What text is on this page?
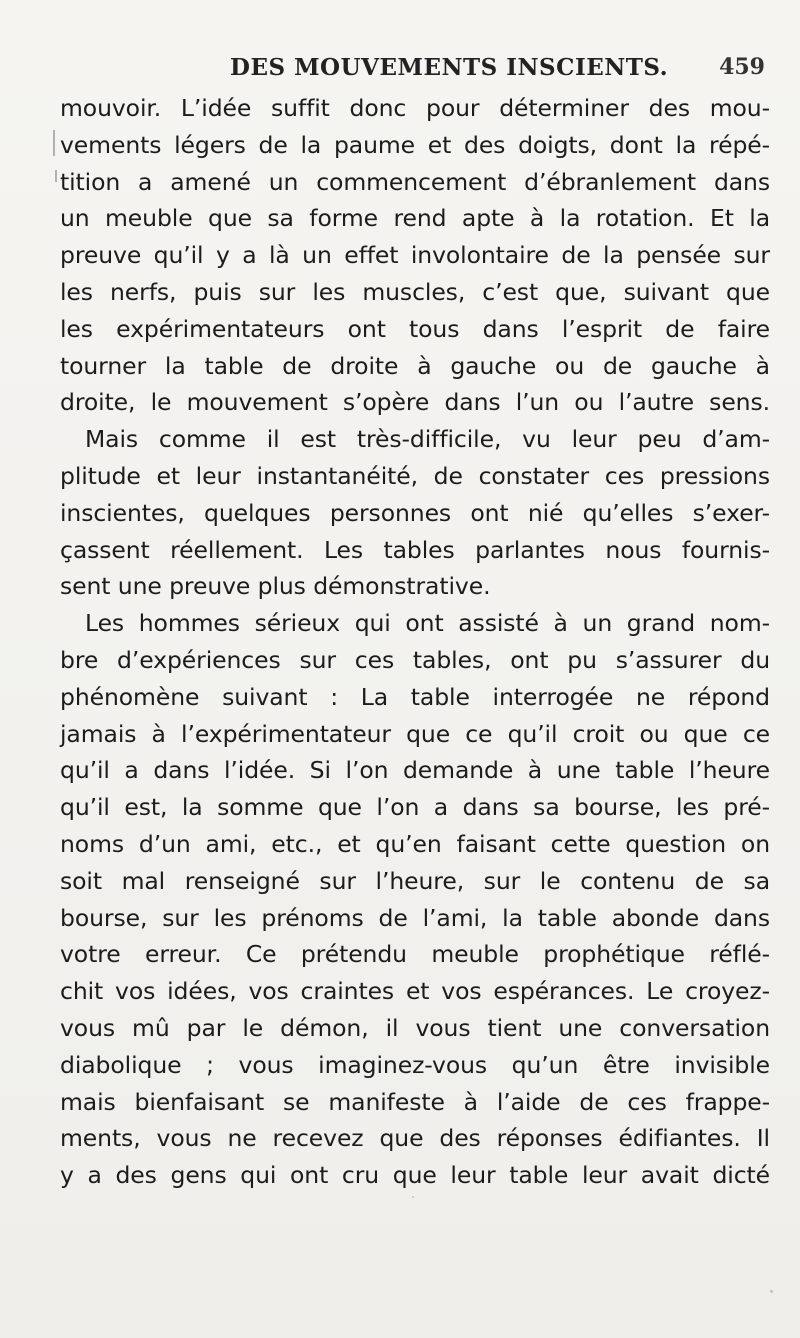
DES MOUVEMENTS INSCIENTS. 459
mouvoir. L’idée suffit donc pour déterminer des mou-
vements légers de la paume et des doigts, dont la répé-
tition a amené un commencement d’ébranlement dans
un meuble que sa forme rend apte à la rotation. Et la
preuve qu’il y a là un effet involontaire de la pensée sur
les nerfs, puis sur les muscles, c’est que, suivant que
les expérimentateurs ont tous dans l’esprit de faire
tourner la table de droite à gauche ou de gauche à
droite, le mouvement s’opère dans l’un ou l’autre sens.
Mais comme il est très-difficile, vu leur peu d’am-
plitude et leur instantanéité, de constater ces pressions
inscientes, quelques personnes ont nié qu’elles s’exer-
çassent réellement. Les tables parlantes nous fournis-
sent une preuve plus démonstrative.
Les hommes sérieux qui ont assisté à un grand nom-
bre d’expériences sur ces tables, ont pu s’assurer du
phénomène suivant : La table interrogée ne répond
jamais à l’expérimentateur que ce qu’il croit ou que ce
qu’il a dans l’idée. Si l’on demande à une table l’heure
qu’il est, la somme que l’on a dans sa bourse, les pré-
noms d’un ami, etc., et qu’en faisant cette question on
soit mal renseigné sur l’heure, sur le contenu de sa
bourse, sur les prénoms de l’ami, la table abonde dans
votre erreur. Ce prétendu meuble prophétique réflé-
chit vos idées, vos craintes et vos espérances. Le croyez-
vous mû par le démon, il vous tient une conversation
diabolique ; vous imaginez-vous qu’un être invisible
mais bienfaisant se manifeste à l’aide de ces frappe-
ments, vous ne recevez que des réponses édifiantes. Il
y a des gens qui ont cru que leur table leur avait dicté
